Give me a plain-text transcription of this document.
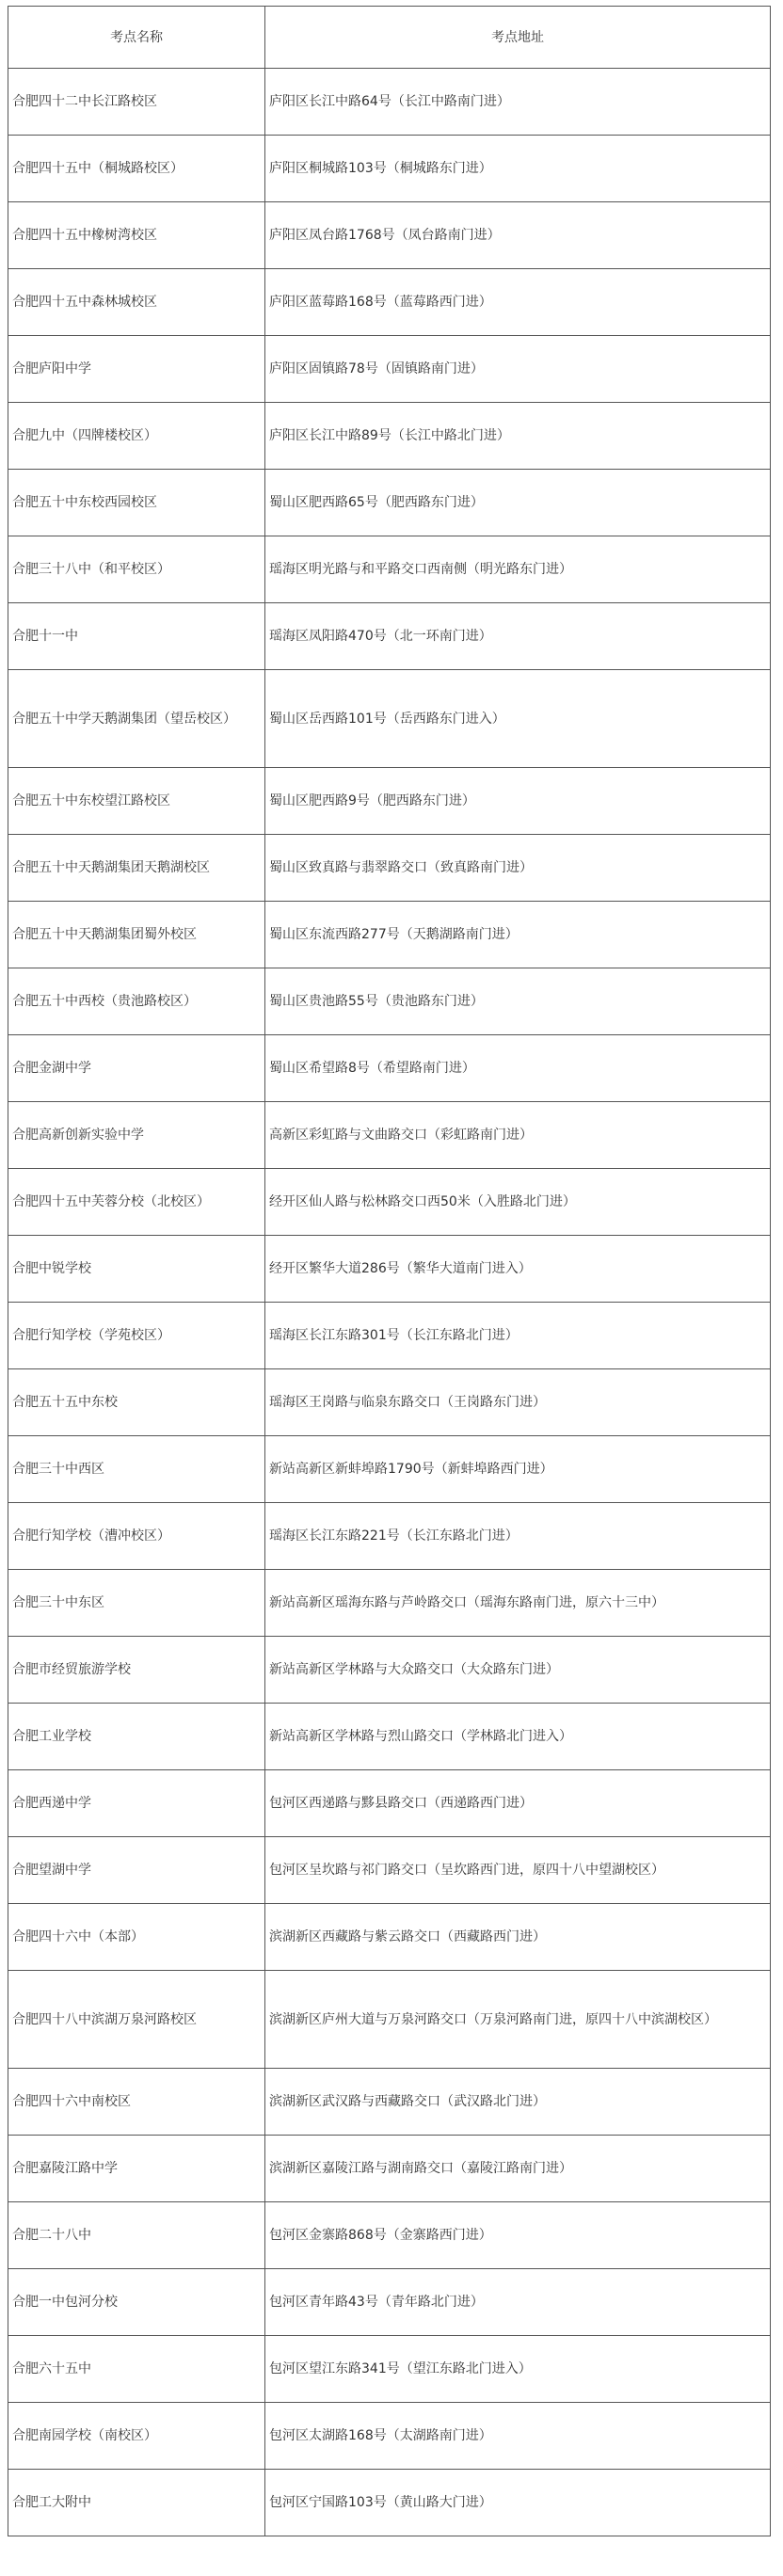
考点名称	考点地址
合肥四十二中长江路校区	庐阳区长江中路64号（长江中路南门进）
合肥四十五中（桐城路校区）	庐阳区桐城路103号（桐城路东门进）
合肥四十五中橡树湾校区	庐阳区凤台路1768号（凤台路南门进）
合肥四十五中森林城校区	庐阳区蓝莓路168号（蓝莓路西门进）
合肥庐阳中学	庐阳区固镇路78号（固镇路南门进）
合肥九中（四牌楼校区）	庐阳区长江中路89号（长江中路北门进）
合肥五十中东校西园校区	蜀山区肥西路65号（肥西路东门进）
合肥三十八中（和平校区）	瑶海区明光路与和平路交口西南侧（明光路东门进）
合肥十一中	瑶海区凤阳路470号（北一环南门进）
合肥五十中学天鹅湖集团（望岳校区）	蜀山区岳西路101号（岳西路东门进入）
合肥五十中东校望江路校区	蜀山区肥西路9号（肥西路东门进）
合肥五十中天鹅湖集团天鹅湖校区	蜀山区致真路与翡翠路交口（致真路南门进）
合肥五十中天鹅湖集团蜀外校区	蜀山区东流西路277号（天鹅湖路南门进）
合肥五十中西校（贵池路校区）	蜀山区贵池路55号（贵池路东门进）
合肥金湖中学	蜀山区希望路8号（希望路南门进）
合肥高新创新实验中学	高新区彩虹路与文曲路交口（彩虹路南门进）
合肥四十五中芙蓉分校（北校区）	经开区仙人路与松林路交口西50米（入胜路北门进）
合肥中锐学校	经开区繁华大道286号（繁华大道南门进入）
合肥行知学校（学苑校区）	瑶海区长江东路301号（长江东路北门进）
合肥五十五中东校	瑶海区王岗路与临泉东路交口（王岗路东门进）
合肥三十中西区	新站高新区新蚌埠路1790号（新蚌埠路西门进）
合肥行知学校（漕冲校区）	瑶海区长江东路221号（长江东路北门进）
合肥三十中东区	新站高新区瑶海东路与芦岭路交口（瑶海东路南门进，原六十三中）
合肥市经贸旅游学校	新站高新区学林路与大众路交口（大众路东门进）
合肥工业学校	新站高新区学林路与烈山路交口（学林路北门进入）
合肥西递中学	包河区西递路与黟县路交口（西递路西门进）
合肥望湖中学	包河区呈坎路与祁门路交口（呈坎路西门进，原四十八中望湖校区）
合肥四十六中（本部）	滨湖新区西藏路与紫云路交口（西藏路西门进）
合肥四十八中滨湖万泉河路校区	滨湖新区庐州大道与万泉河路交口（万泉河路南门进，原四十八中滨湖校区）
合肥四十六中南校区	滨湖新区武汉路与西藏路交口（武汉路北门进）
合肥嘉陵江路中学	滨湖新区嘉陵江路与湖南路交口（嘉陵江路南门进）
合肥二十八中	包河区金寨路868号（金寨路西门进）
合肥一中包河分校	包河区青年路43号（青年路北门进）
合肥六十五中	包河区望江东路341号（望江东路北门进入）
合肥南园学校（南校区）	包河区太湖路168号（太湖路南门进）
合肥工大附中	包河区宁国路103号（黄山路大门进）
